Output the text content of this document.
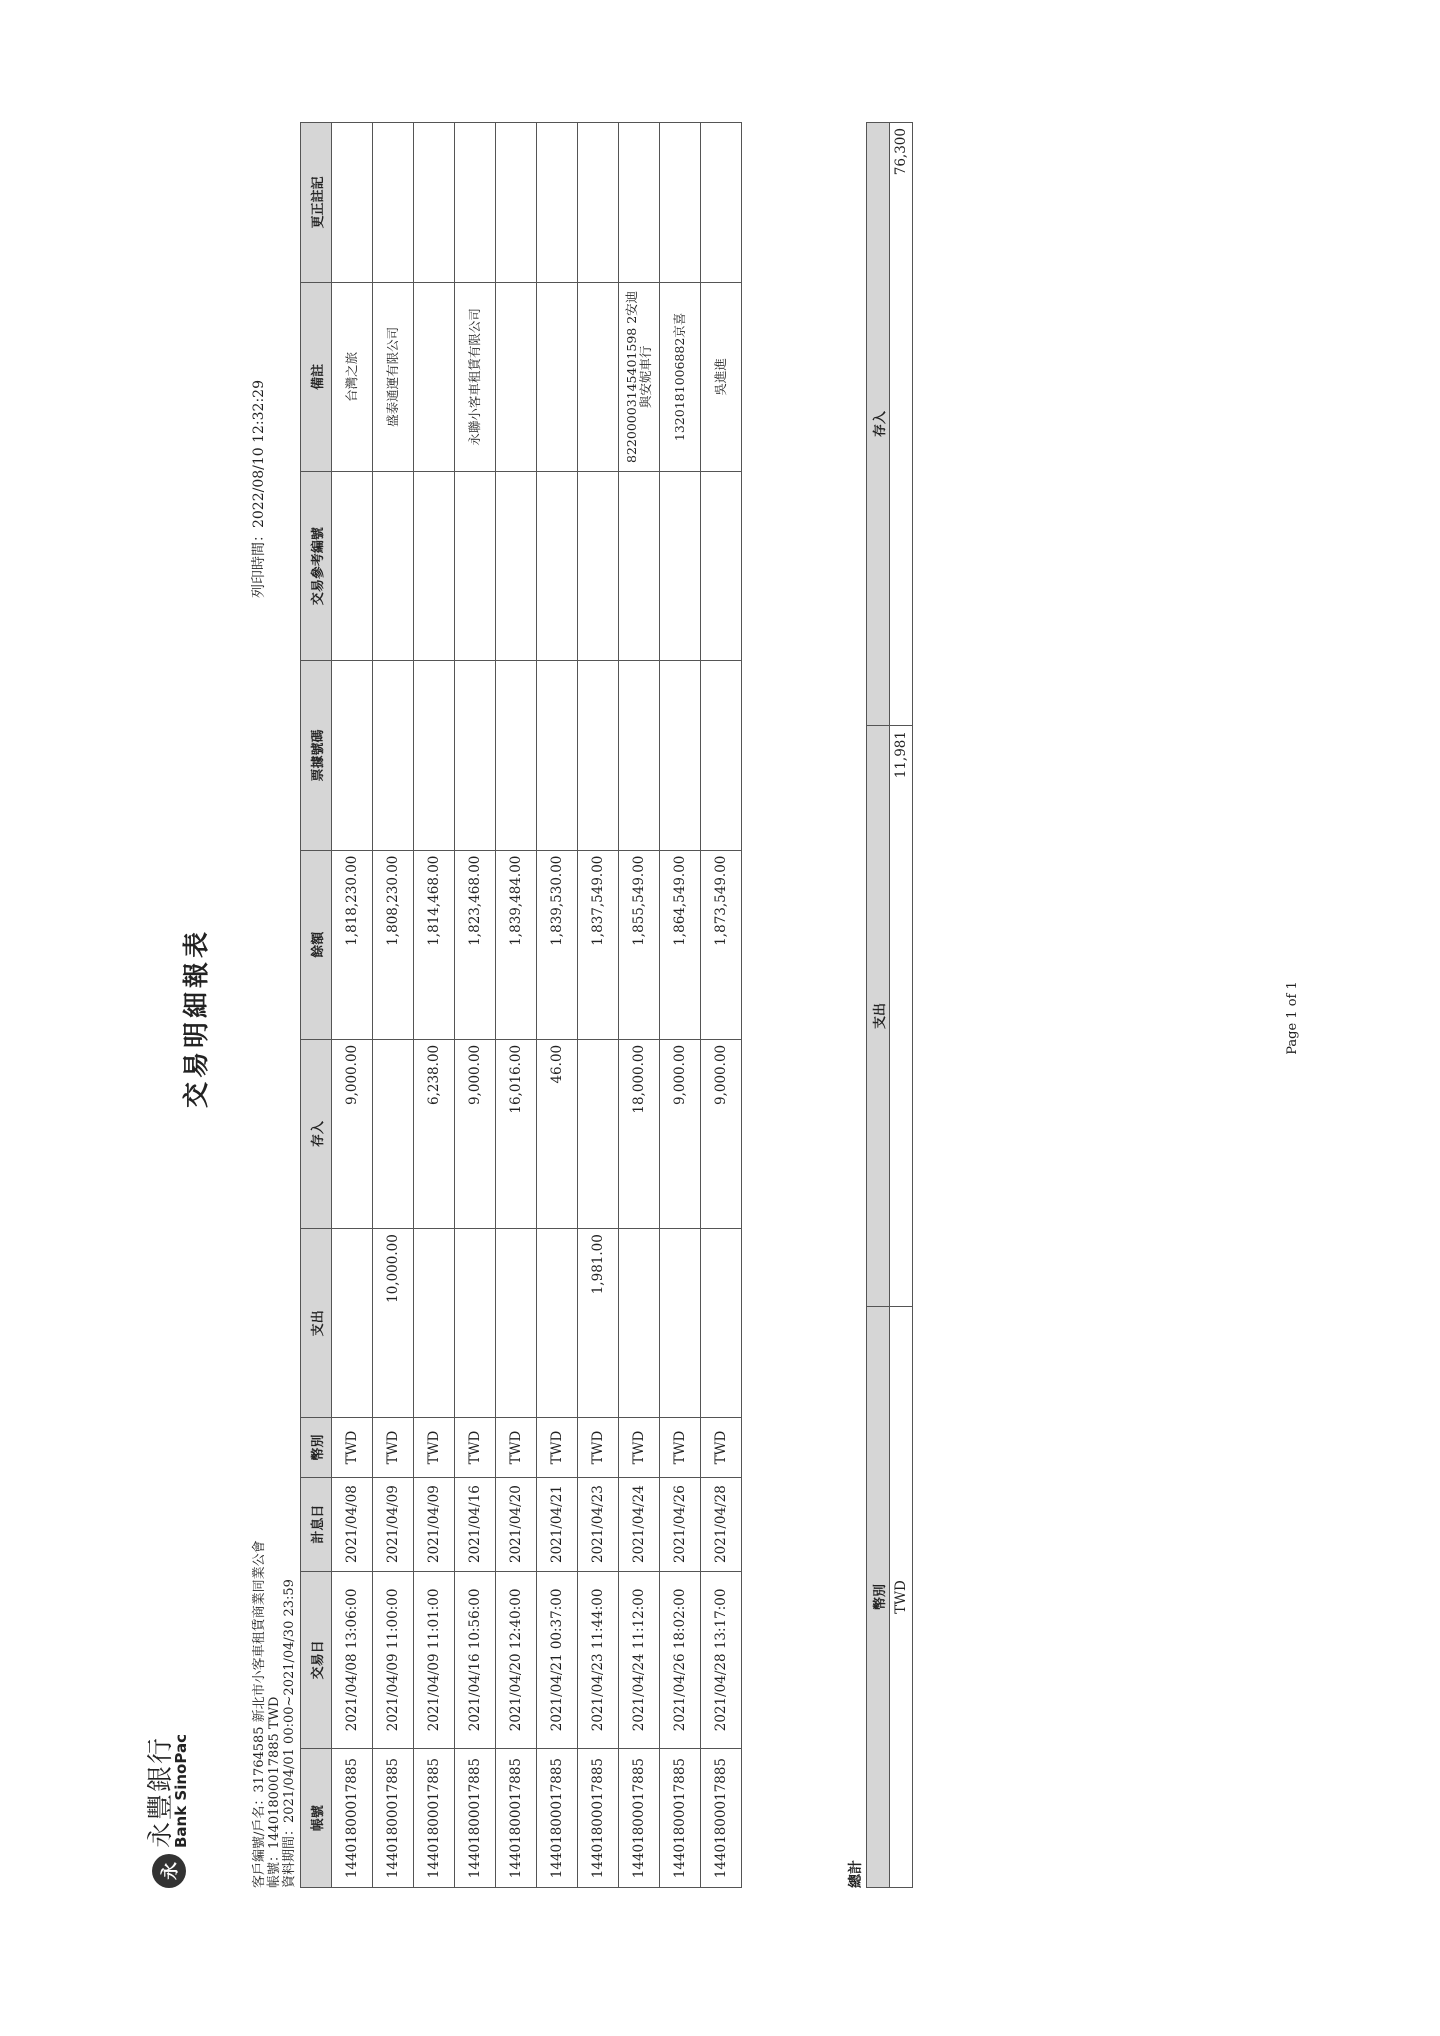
永
永豐銀行
Bank SinoPac
交易明細報表
客戶編號/戶名：31764585 新北市小客車租賃商業同業公會 帳號：14401800017885 TWD 資料期間：2021/04/01 00:00~2021/04/30 23:59
列印時間：2022/08/10 12:32:29
帳號	交易日	計息日	幣別	支出	存入	餘額	票據號碼	交易參考編號	備註	更正註記
14401800017885	2021/04/08 13:06:00	2021/04/08	TWD		9,000.00	1,818,230.00			台灣之旅	
14401800017885	2021/04/09 11:00:00	2021/04/09	TWD	10,000.00		1,808,230.00			盛泰通運有限公司	
14401800017885	2021/04/09 11:01:00	2021/04/09	TWD		6,238.00	1,814,468.00				
14401800017885	2021/04/16 10:56:00	2021/04/16	TWD		9,000.00	1,823,468.00			永聯小客車租賃有限公司	
14401800017885	2021/04/20 12:40:00	2021/04/20	TWD		16,016.00	1,839,484.00				
14401800017885	2021/04/21 00:37:00	2021/04/21	TWD		46.00	1,839,530.00				
14401800017885	2021/04/23 11:44:00	2021/04/23	TWD	1,981.00		1,837,549.00				
14401800017885	2021/04/24 11:12:00	2021/04/24	TWD		18,000.00	1,855,549.00			82200003145401598 2安迪與安妮車行	
14401800017885	2021/04/26 18:02:00	2021/04/26	TWD		9,000.00	1,864,549.00			1320181006882京喜	
14401800017885	2021/04/28 13:17:00	2021/04/28	TWD		9,000.00	1,873,549.00			吳進進	
總計
幣別	支出	存入
TWD	11,981	76,300
Page 1 of 1
